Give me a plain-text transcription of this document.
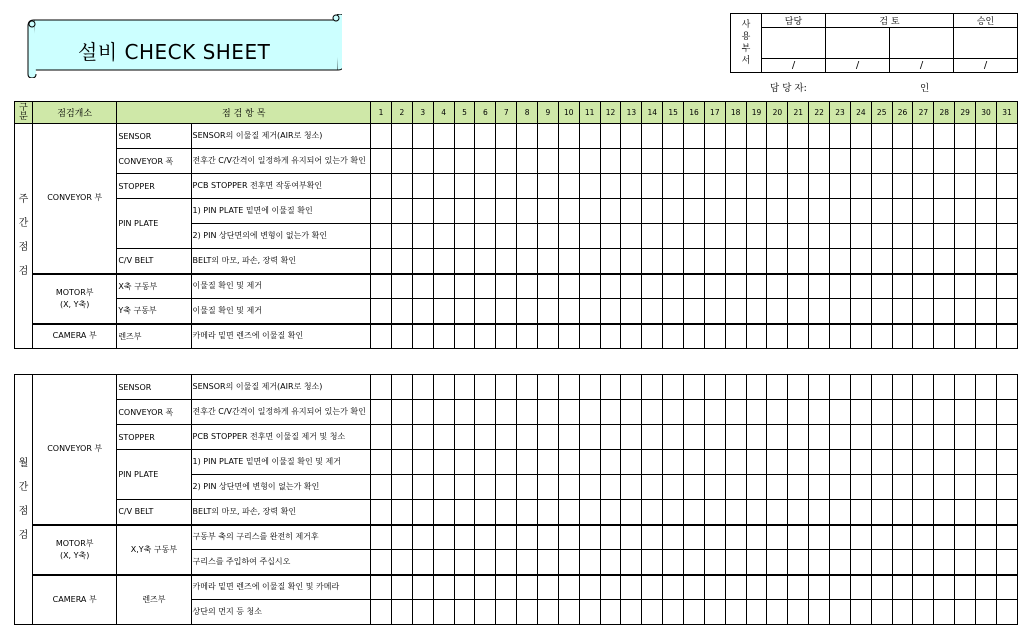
설비 CHECK SHEET
사용부서	담당	검 토		승인

	/	/	/	/
담 당 자:	인
구분	점검개소	점 검 항 목		1	2	3	4	5	6	7	8	9	10	11	12	13	14	15	16	17	18	19	20	21	22	23	24	25	26	27	28	29	30	31
주간점검	CONVEYOR 부	SENSOR	SENSOR의 이물질 제거(AIR로 청소)																															
		CONVEYOR 폭	전후간 C/V간격이 일정하게 유지되어 있는가 확인																															
		STOPPER	PCB STOPPER 전후면 작동여부확인																															
		PIN PLATE	1) PIN PLATE 밑면에 이물질 확인																															
			2) PIN 상단면의에 변형이 없는가 확인																															
		C/V BELT	BELT의 마모, 파손, 장력 확인																															
	MOTOR부
(X, Y축)	X축 구동부	이물질 확인 및 제거																															
		Y축 구동부	이물질 확인 및 제거																															
	CAMERA 부	렌즈부	카메라 밑면 렌즈에 이물질 확인																															
월간점검	CONVEYOR 부	SENSOR	SENSOR의 이물질 제거(AIR로 청소)																															
		CONVEYOR 폭	전후간 C/V간격이 일정하게 유지되어 있는가 확인																															
		STOPPER	PCB STOPPER 전후면 이물질 제거 및 청소																															
		PIN PLATE	1) PIN PLATE 밑면에 이물질 확인 및 제거																															
			2) PIN 상단면에 변형이 없는가 확인																															
		C/V BELT	BELT의 마모, 파손, 장력 확인																															
	MOTOR부
(X, Y축)	X,Y축 구동부	구동부 축의 구리스를 완전히 제거후																															
			구리스를 주입하여 주십시오																															
	CAMERA 부	렌즈부	카메라 밑면 렌즈에 이물질 확인 및 카메라																															
			상단의 먼지 등 청소																															
